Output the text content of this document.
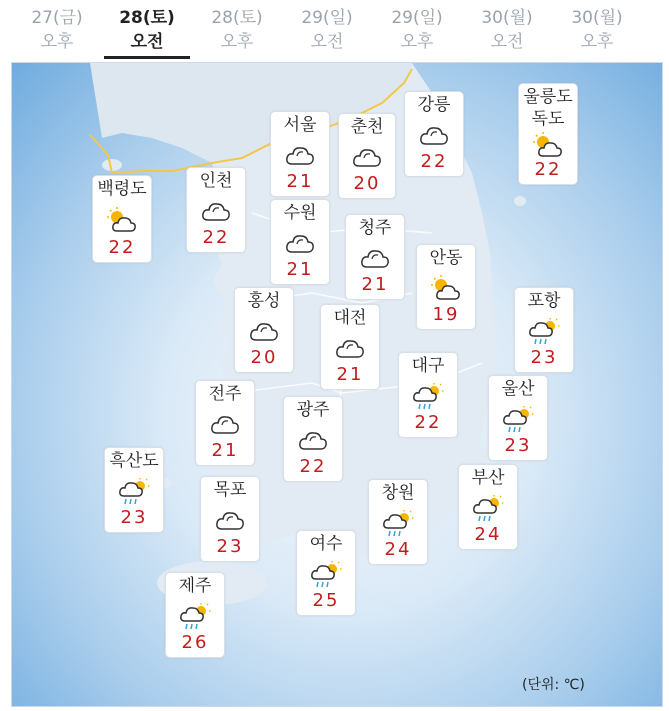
27(금)
오후
28(토)
오전
28(토)
오후
29(일)
오전
29(일)
오후
30(월)
오전
30(월)
오후
서울
21
춘천
20
강릉
22
울릉도
독도
22
백령도
22
인천
22
수원
21
청주
21
안동
19
포항
23
홍성
20
대전
21	대구
22
울산
23
전주
21
광주
22
흑산도
23
목포
23
창원
24
부산
24
여수
25
제주
26
(단위: ℃)
